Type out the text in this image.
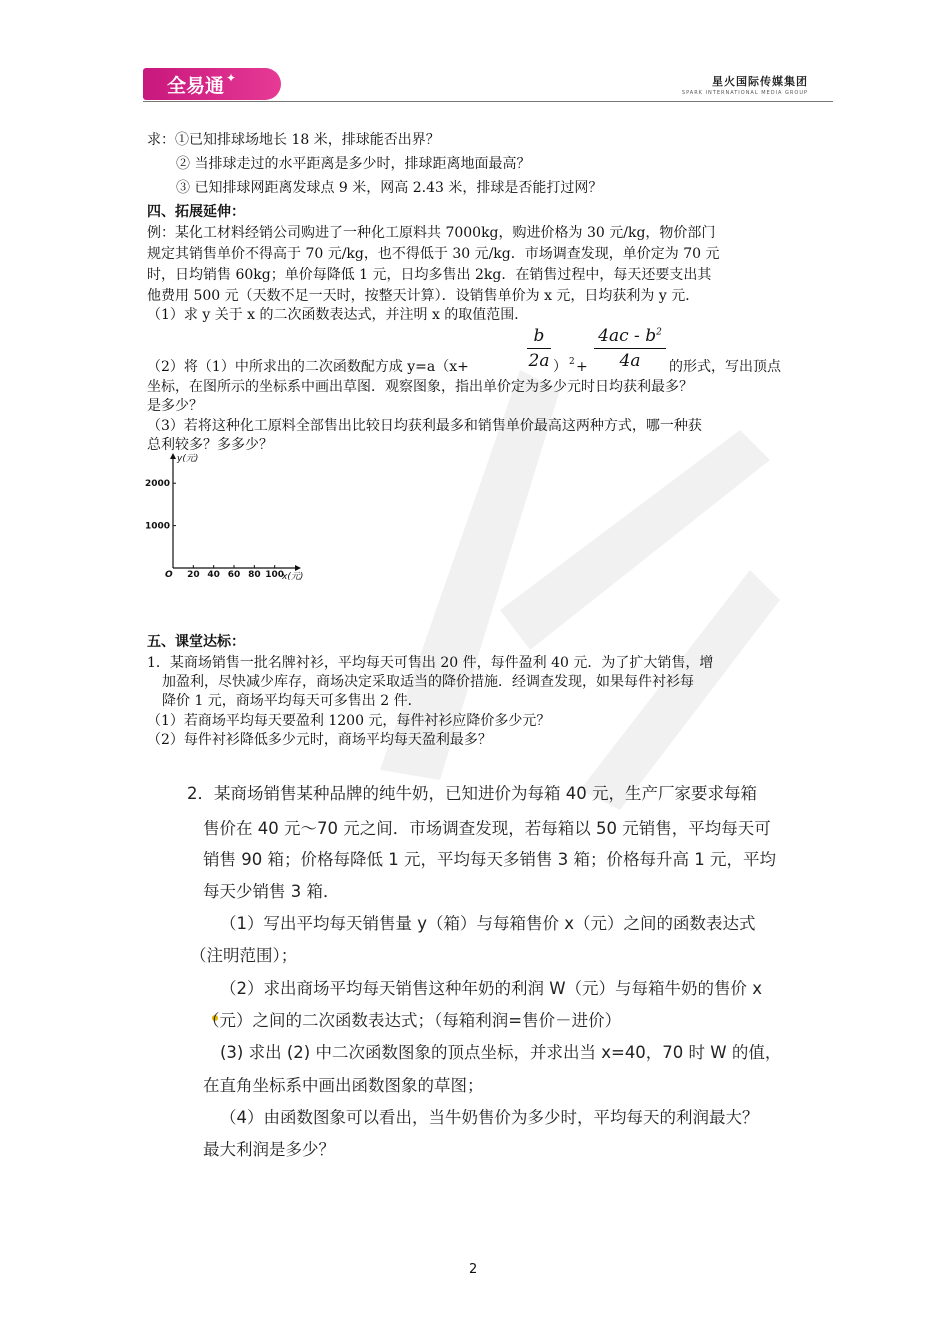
全易通 ✦	星火国际传媒集团
SPARK INTERNATIONAL MEDIA GROUP
求：①已知排球场地长 18 米，排球能否出界？
② 当排球走过的水平距离是多少时，排球距离地面最高？
③ 已知排球网距离发球点 9 米，网高 2.43 米，排球是否能打过网？
四、拓展延伸：
例：某化工材料经销公司购进了一种化工原料共 7000kg，购进价格为 30 元/kg，物价部门
规定其销售单价不得高于 70 元/kg，也不得低于 30 元/kg．市场调查发现，单价定为 70 元
时，日均销售 60kg；单价每降低 1 元，日均多售出 2kg．在销售过程中，每天还要支出其
他费用 500 元（天数不足一天时，按整天计算）．设销售单价为 x 元，日均获利为 y 元．
（1）求 y 关于 x 的二次函数表达式，并注明 x 的取值范围．
（2）将（1）中所求出的二次函数配方成 y=a（x+
b
2a ） 2 +
$4ac - b^2$
4a	的形式，写出顶点
坐标，在图所示的坐标系中画出草图．观察图象，指出单价定为多少元时日均获利最多？
是多少？
（3）若将这种化工原料全部售出比较日均获利最多和销售单价最高这两种方式，哪一种获
总利较多？多多少？
20 40 60 80 100
1000
2000
O
y(元)
x(元)
五、课堂达标：
1．某商场销售一批名牌衬衫，平均每天可售出 20 件，每件盈利 40 元．为了扩大销售，增
加盈利，尽快减少库存，商场决定采取适当的降价措施．经调查发现，如果每件衬衫每
降价 1 元，商场平均每天可多售出 2 件．
（1）若商场平均每天要盈利 1200 元，每件衬衫应降价多少元？
（2）每件衬衫降低多少元时，商场平均每天盈利最多？
2．某商场销售某种品牌的纯牛奶，已知进价为每箱 40 元，生产厂家要求每箱
售价在 40 元～70 元之间．市场调查发现，若每箱以 50 元销售，平均每天可
销售 90 箱；价格每降低 1 元，平均每天多销售 3 箱；价格每升高 1 元，平均
每天少销售 3 箱．
（1）写出平均每天销售量 y（箱）与每箱售价 x（元）之间的函数表达式
（注明范围）；
（2）求出商场平均每天销售这种年奶的利润 W（元）与每箱牛奶的售价 x
（元）之间的二次函数表达式；（每箱利润=售价－进价）
(3) 求出 (2) 中二次函数图象的顶点坐标，并求出当 x=40，70 时 W 的值，
在直角坐标系中画出函数图象的草图；
（4）由函数图象可以看出，当牛奶售价为多少时，平均每天的利润最大？
最大利润是多少？
2
